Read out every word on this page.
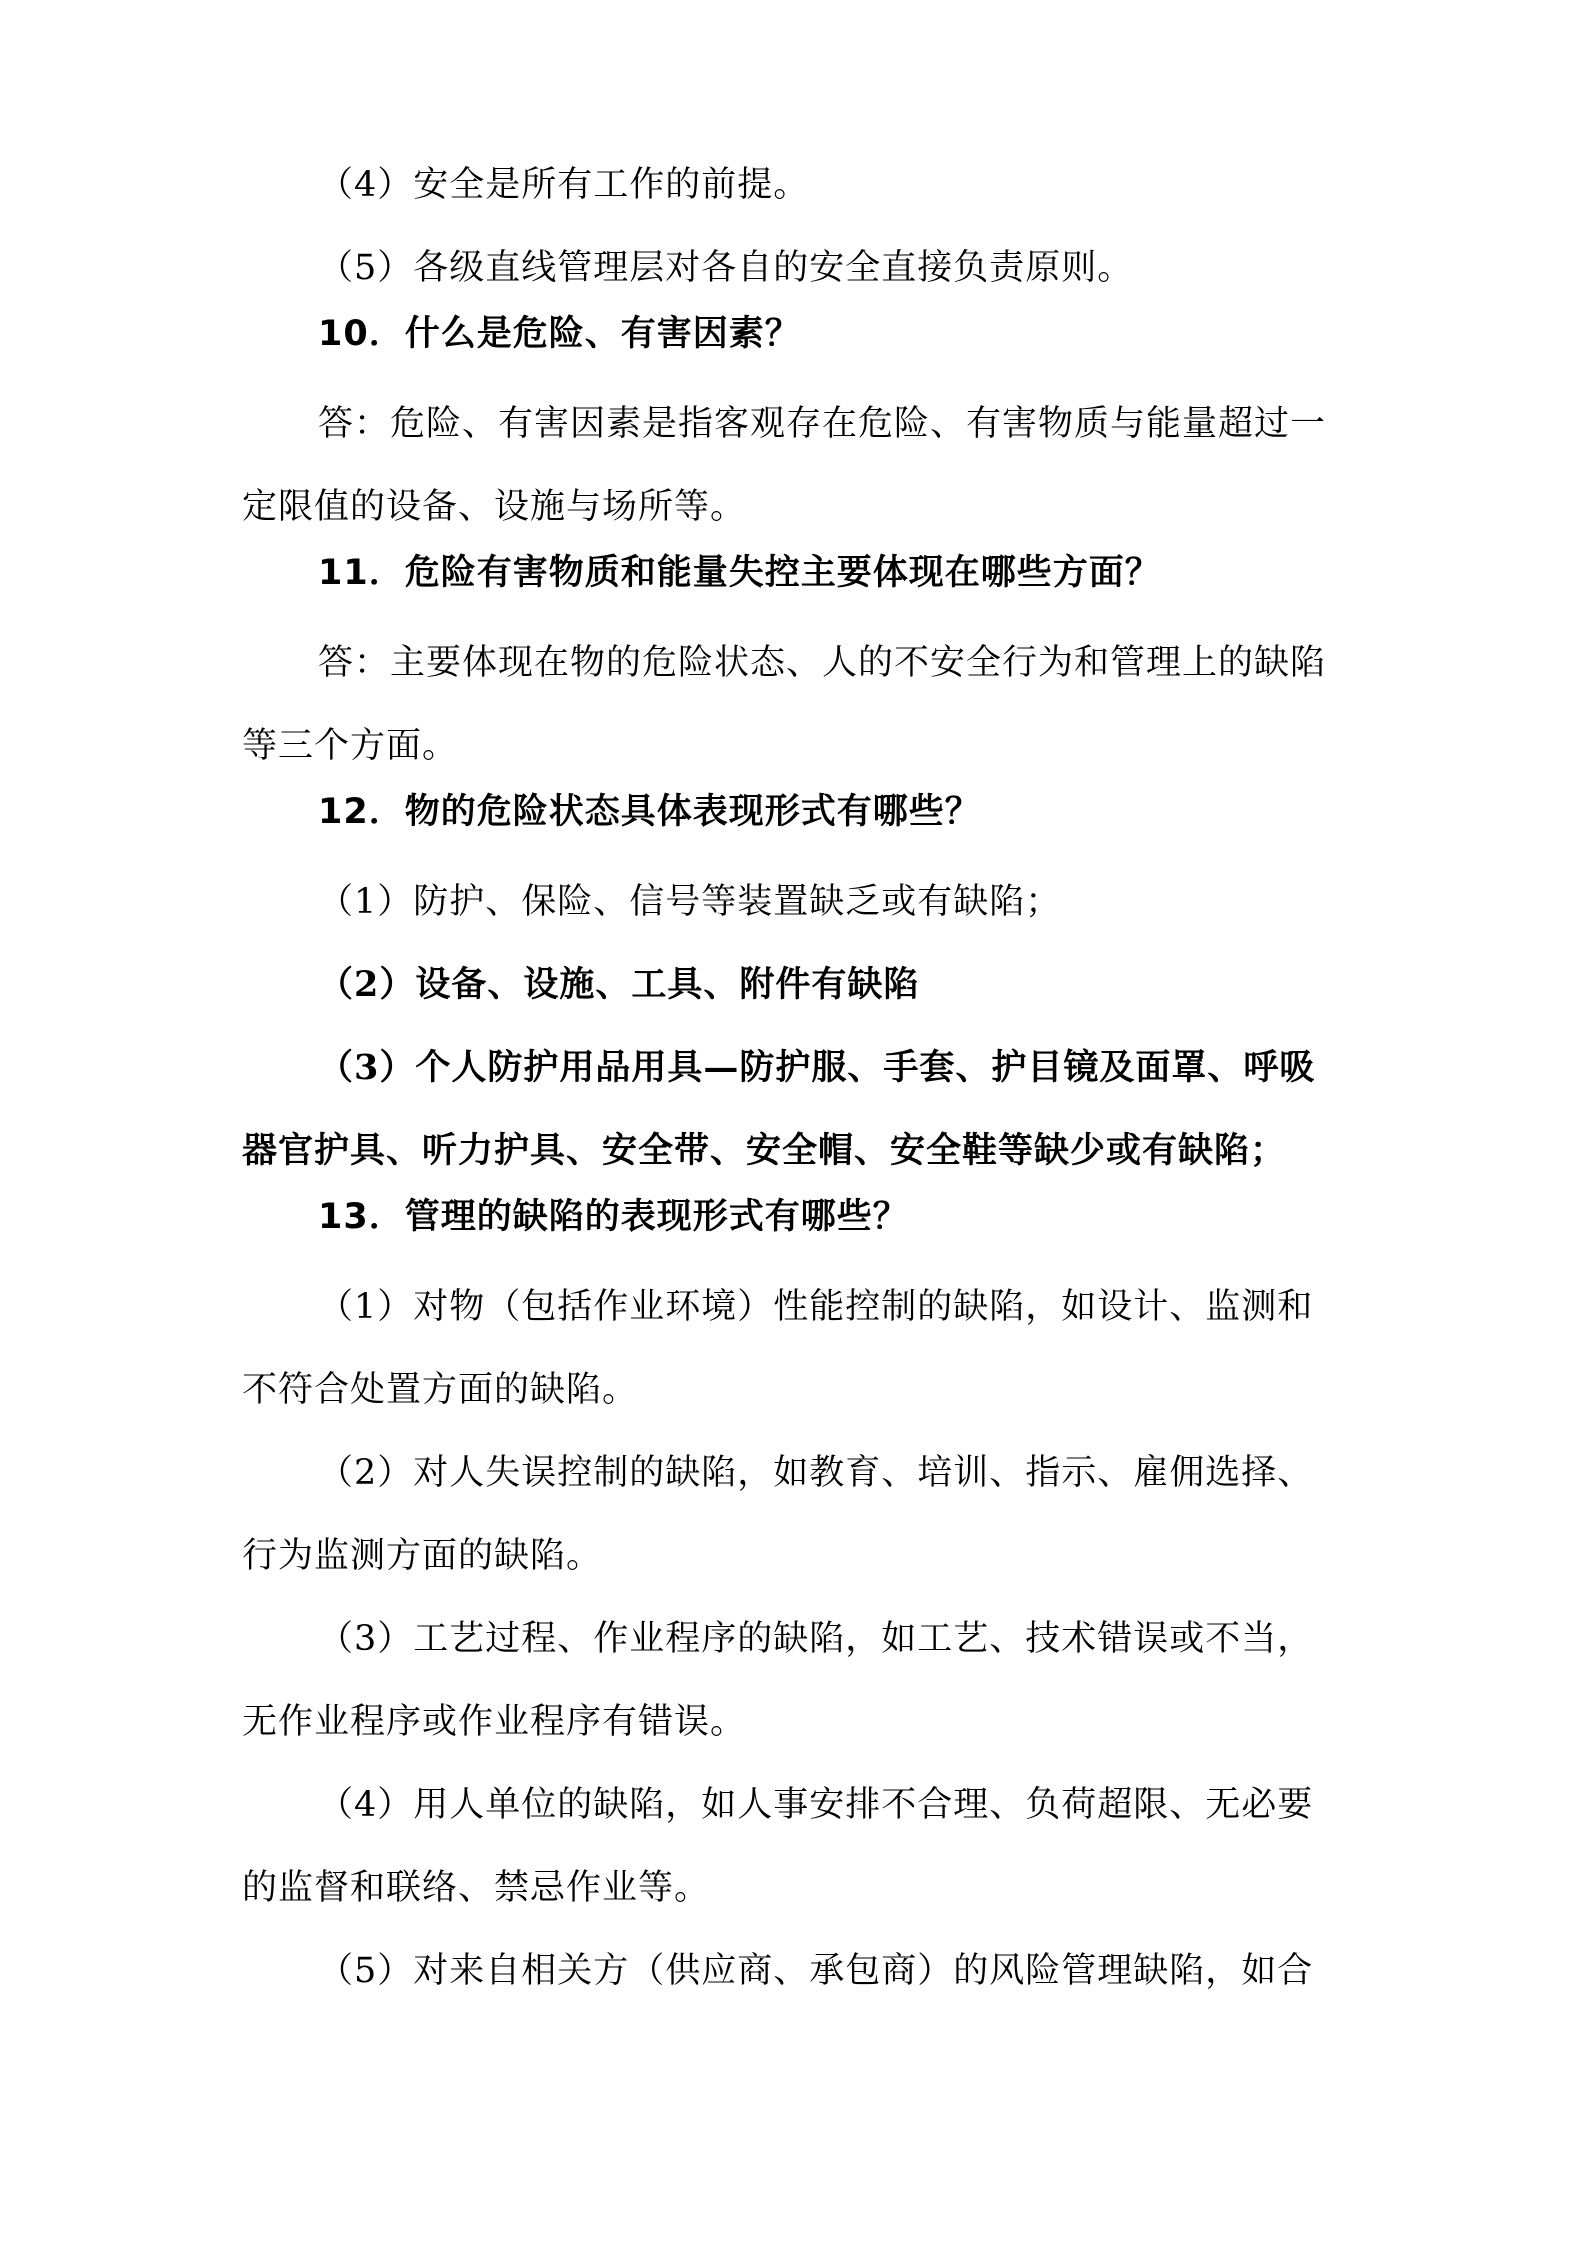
（4）安全是所有工作的前提。
（5）各级直线管理层对各自的安全直接负责原则。
10．什么是危险、有害因素？
答：危险、有害因素是指客观存在危险、有害物质与能量超过一
定限值的设备、设施与场所等。
11．危险有害物质和能量失控主要体现在哪些方面？
答：主要体现在物的危险状态、人的不安全行为和管理上的缺陷
等三个方面。
12．物的危险状态具体表现形式有哪些？
（1）防护、保险、信号等装置缺乏或有缺陷；
（2）设备、设施、工具、附件有缺陷
（3）个人防护用品用具—防护服、手套、护目镜及面罩、呼吸
器官护具、听力护具、安全带、安全帽、安全鞋等缺少或有缺陷；
13．管理的缺陷的表现形式有哪些？
（1）对物（包括作业环境）性能控制的缺陷，如设计、监测和
不符合处置方面的缺陷。
（2）对人失误控制的缺陷，如教育、培训、指示、雇佣选择、
行为监测方面的缺陷。
（3）工艺过程、作业程序的缺陷，如工艺、技术错误或不当，
无作业程序或作业程序有错误。
（4）用人单位的缺陷，如人事安排不合理、负荷超限、无必要
的监督和联络、禁忌作业等。
（5）对来自相关方（供应商、承包商）的风险管理缺陷，如合
